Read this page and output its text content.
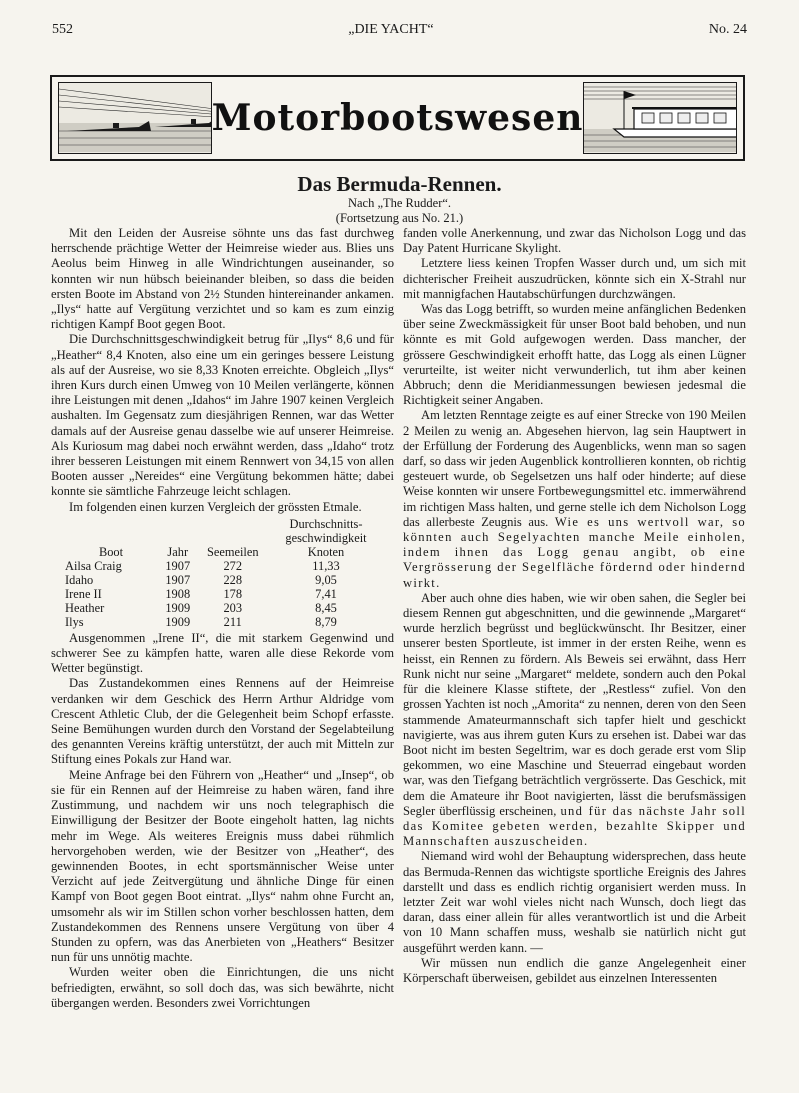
552	„DIE YACHT“	No. 24
Motorbootswesen
Das Bermuda-Rennen.
Nach „The Rudder“.
(Fortsetzung aus No. 21.)

Mit den Leiden der Ausreise söhnte uns das fast durchweg herrschende prächtige Wetter der Heimreise wieder aus. Blies uns Aeolus beim Hinweg in alle Windrichtungen auseinander, so konnten wir nun hübsch beieinander bleiben, so dass die beiden ersten Boote im Abstand von 2½ Stunden hintereinander ankamen. „Ilys“ hatte auf Vergütung verzichtet und so kam es zum einzig richtigen Kampf Boot gegen Boot.

Die Durchschnittsgeschwindigkeit betrug für „Ilys“ 8,6 und für „Heather“ 8,4 Knoten, also eine um ein geringes bessere Leistung als auf der Ausreise, wo sie 8,33 Knoten erreichte. Obgleich „Ilys“ ihren Kurs durch einen Umweg von 10 Meilen verlängerte, können ihre Leistungen mit denen „Idahos“ im Jahre 1907 keinen Vergleich aushalten. Im Gegensatz zum diesjährigen Rennen, war das Wetter damals auf der Ausreise genau dasselbe wie auf unserer Heimreise. Als Kuriosum mag dabei noch erwähnt werden, dass „Idaho“ trotz ihrer besseren Leistungen mit einem Rennwert von 34,15 von allen Booten ausser „Nereides“ eine Vergütung bekommen hätte; dabei konnte sie sämtliche Fahrzeuge leicht schlagen.

Im folgenden einen kurzen Vergleich der grössten Etmale.

Boot	Jahr	Seemeilen	Durchschnitts-geschwindigkeit Knoten
Ailsa Craig	1907	272	11,33
Idaho	1907	228	9,05
Irene II	1908	178	7,41
Heather	1909	203	8,45
Ilys	1909	211	8,79

Ausgenommen „Irene II“, die mit starkem Gegenwind und schwerer See zu kämpfen hatte, waren alle diese Rekorde vom Wetter begünstigt.

Das Zustandekommen eines Rennens auf der Heimreise verdanken wir dem Geschick des Herrn Arthur Aldridge vom Crescent Athletic Club, der die Gelegenheit beim Schopf erfasste. Seine Bemühungen wurden durch den Vorstand der Segelabteilung des genannten Vereins kräftig unterstützt, der auch mit Mitteln zur Stiftung eines Pokals zur Hand war.

Meine Anfrage bei den Führern von „Heather“ und „Insep“, ob sie für ein Rennen auf der Heimreise zu haben wären, fand ihre Zustimmung, und nachdem wir uns noch telegraphisch die Einwilligung der Besitzer der Boote eingeholt hatten, lag nichts mehr im Wege. Als weiteres Ereignis muss dabei rühmlich hervorgehoben werden, wie der Besitzer von „Heather“, des gewinnenden Bootes, in echt sportsmännischer Weise unter Verzicht auf jede Zeitvergütung und ähnliche Dinge für einen Kampf von Boot gegen Boot eintrat. „Ilys“ nahm ohne Furcht an, umsomehr als wir im Stillen schon vorher beschlossen hatten, dem Zustandekommen des Rennens unsere Vergütung von über 4 Stunden zu opfern, was das Anerbieten von „Heathers“ Besitzer nun für uns unnötig machte.

Wurden weiter oben die Einrichtungen, die uns nicht befriedigten, erwähnt, so soll doch das, was sich bewährte, nicht übergangen werden. Besonders zwei Vorrichtungen

fanden volle Anerkennung, und zwar das Nicholson Logg und das Day Patent Hurricane Skylight.

Letztere liess keinen Tropfen Wasser durch und, um sich mit dichterischer Freiheit auszudrücken, könnte sich ein X-Strahl nur mit mannigfachen Hautabschürfungen durchzwängen.

Was das Logg betrifft, so wurden meine anfänglichen Bedenken über seine Zweckmässigkeit für unser Boot bald behoben, und nun könnte es mit Gold aufgewogen werden. Dass mancher, der grössere Geschwindigkeit erhofft hatte, das Logg als einen Lügner verurteilte, ist weiter nicht verwunderlich, tut ihm aber keinen Abbruch; denn die Meridianmessungen bewiesen jedesmal die Richtigkeit seiner Angaben.

Am letzten Renntage zeigte es auf einer Strecke von 190 Meilen 2 Meilen zu wenig an. Abgesehen hiervon, lag sein Hauptwert in der Erfüllung der Forderung des Augenblicks, wenn man so sagen darf, so dass wir jeden Augenblick kontrollieren konnten, ob richtig gesteuert wurde, ob Segelsetzen uns half oder hinderte; auf diese Weise konnten wir unsere Fortbewegungsmittel etc. immerwährend im richtigen Mass halten, und gerne stelle ich dem Nicholson Logg das allerbeste Zeugnis aus. Wie es uns wertvoll war, so könnten auch Segelyachten manche Meile einholen, indem ihnen das Logg genau angibt, ob eine Vergrösserung der Segelfläche fördernd oder hindernd wirkt.

Aber auch ohne dies haben, wie wir oben sahen, die Segler bei diesem Rennen gut abgeschnitten, und die gewinnende „Margaret“ wurde herzlich begrüsst und beglückwünscht. Ihr Besitzer, einer unserer besten Sportleute, ist immer in der ersten Reihe, wenn es heisst, ein Rennen zu fördern. Als Beweis sei erwähnt, dass Herr Runk nicht nur seine „Margaret“ meldete, sondern auch den Pokal für die kleinere Klasse stiftete, der „Restless“ zufiel. Von den grossen Yachten ist noch „Amorita“ zu nennen, deren von den Seen stammende Amateurmannschaft sich tapfer hielt und geschickt navigierte, was aus ihrem guten Kurs zu ersehen ist. Dabei war das Boot nicht im besten Segeltrim, war es doch gerade erst vom Slip gekommen, wo eine Maschine und Steuerrad eingebaut worden war, was den Tiefgang beträchtlich vergrösserte. Das Geschick, mit dem die Amateure ihr Boot navigierten, lässt die berufsmässigen Segler überflüssig erscheinen, und für das nächste Jahr soll das Komitee gebeten werden, bezahlte Skipper und Mannschaften auszuscheiden.

Niemand wird wohl der Behauptung widersprechen, dass heute das Bermuda-Rennen das wichtigste sportliche Ereignis des Jahres darstellt und dass es endlich richtig organisiert werden muss. In letzter Zeit war wohl vieles nicht nach Wunsch, doch liegt das daran, dass einer allein für alles verantwortlich ist und die Arbeit von 10 Mann schaffen muss, weshalb sie natürlich nicht gut ausgeführt werden kann. —

Wir müssen nun endlich die ganze Angelegenheit einer Körperschaft überweisen, gebildet aus einzelnen Interessenten
